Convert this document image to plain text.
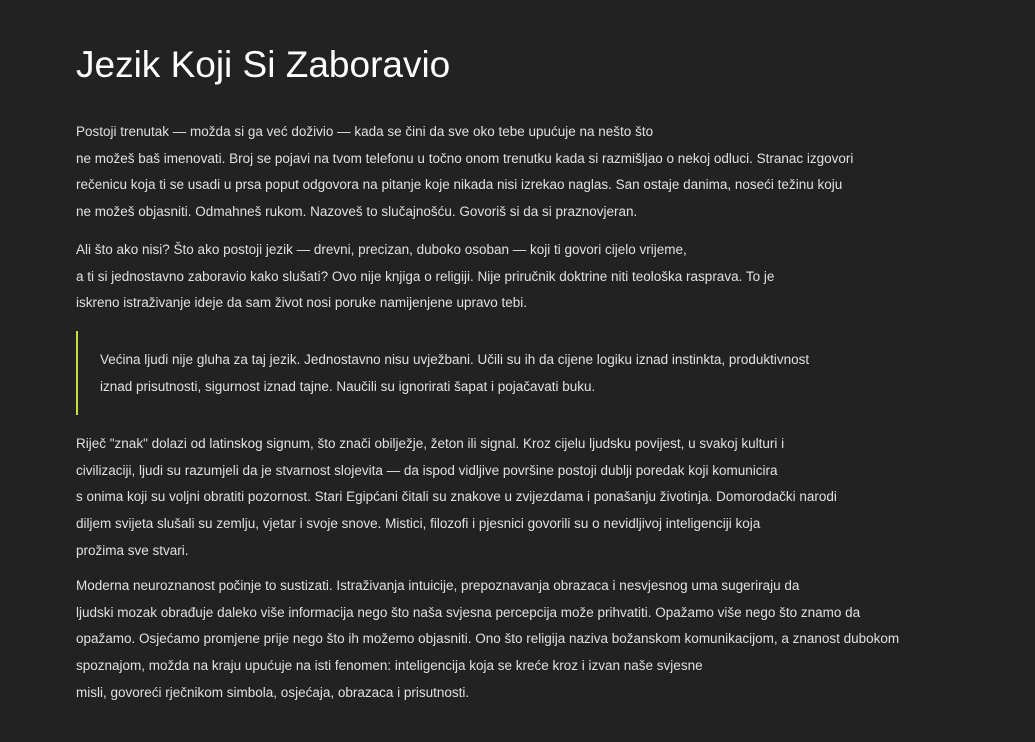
Jezik Koji Si Zaboravio
Postoji trenutak — možda si ga već doživio — kada se čini da sve oko tebe upućuje na nešto što
ne možeš baš imenovati. Broj se pojavi na tvom telefonu u točno onom trenutku kada si razmišljao o nekoj odluci. Stranac izgovori
rečenicu koja ti se usadi u prsa poput odgovora na pitanje koje nikada nisi izrekao naglas. San ostaje danima, noseći težinu koju
ne možeš objasniti. Odmahneš rukom. Nazoveš to slučajnošću. Govoriš si da si praznovjeran.
Ali što ako nisi? Što ako postoji jezik — drevni, precizan, duboko osoban — koji ti govori cijelo vrijeme,
a ti si jednostavno zaboravio kako slušati? Ovo nije knjiga o religiji. Nije priručnik doktrine niti teološka rasprava. To je
iskreno istraživanje ideje da sam život nosi poruke namijenjene upravo tebi.
Većina ljudi nije gluha za taj jezik. Jednostavno nisu uvježbani. Učili su ih da cijene logiku iznad instinkta, produktivnost
iznad prisutnosti, sigurnost iznad tajne. Naučili su ignorirati šapat i pojačavati buku.
Riječ "znak" dolazi od latinskog signum, što znači obilježje, žeton ili signal. Kroz cijelu ljudsku povijest, u svakoj kulturi i
civilizaciji, ljudi su razumjeli da je stvarnost slojevita — da ispod vidljive površine postoji dublji poredak koji komunicira
s onima koji su voljni obratiti pozornost. Stari Egipćani čitali su znakove u zvijezdama i ponašanju životinja. Domorodački narodi
diljem svijeta slušali su zemlju, vjetar i svoje snove. Mistici, filozofi i pjesnici govorili su o nevidljivoj inteligenciji koja
prožima sve stvari.
Moderna neuroznanost počinje to sustizati. Istraživanja intuicije, prepoznavanja obrazaca i nesvjesnog uma sugeriraju da
ljudski mozak obrađuje daleko više informacija nego što naša svjesna percepcija može prihvatiti. Opažamo više nego što znamo da
opažamo. Osjećamo promjene prije nego što ih možemo objasniti. Ono što religija naziva božanskom komunikacijom, a znanost dubokom
spoznajom, možda na kraju upućuje na isti fenomen: inteligencija koja se kreće kroz i izvan naše svjesne
misli, govoreći rječnikom simbola, osjećaja, obrazaca i prisutnosti.
